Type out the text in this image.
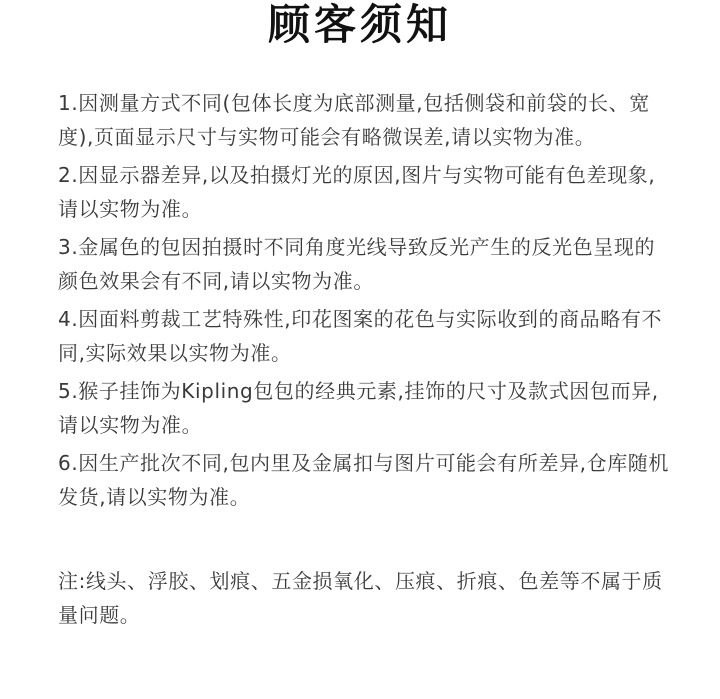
顾客须知

1.因测量方式不同(包体长度为底部测量,包括侧袋和前袋的长、宽度),页面显示尺寸与实物可能会有略微误差,请以实物为准。

2.因显示器差异,以及拍摄灯光的原因,图片与实物可能有色差现象,请以实物为准。

3.金属色的包因拍摄时不同角度光线导致反光产生的反光色呈现的颜色效果会有不同,请以实物为准。

4.因面料剪裁工艺特殊性,印花图案的花色与实际收到的商品略有不同,实际效果以实物为准。

5.猴子挂饰为Kipling包包的经典元素,挂饰的尺寸及款式因包而异,请以实物为准。

6.因生产批次不同,包内里及金属扣与图片可能会有所差异,仓库随机发货,请以实物为准。

注:线头、浮胶、划痕、五金损氧化、压痕、折痕、色差等不属于质量问题。
